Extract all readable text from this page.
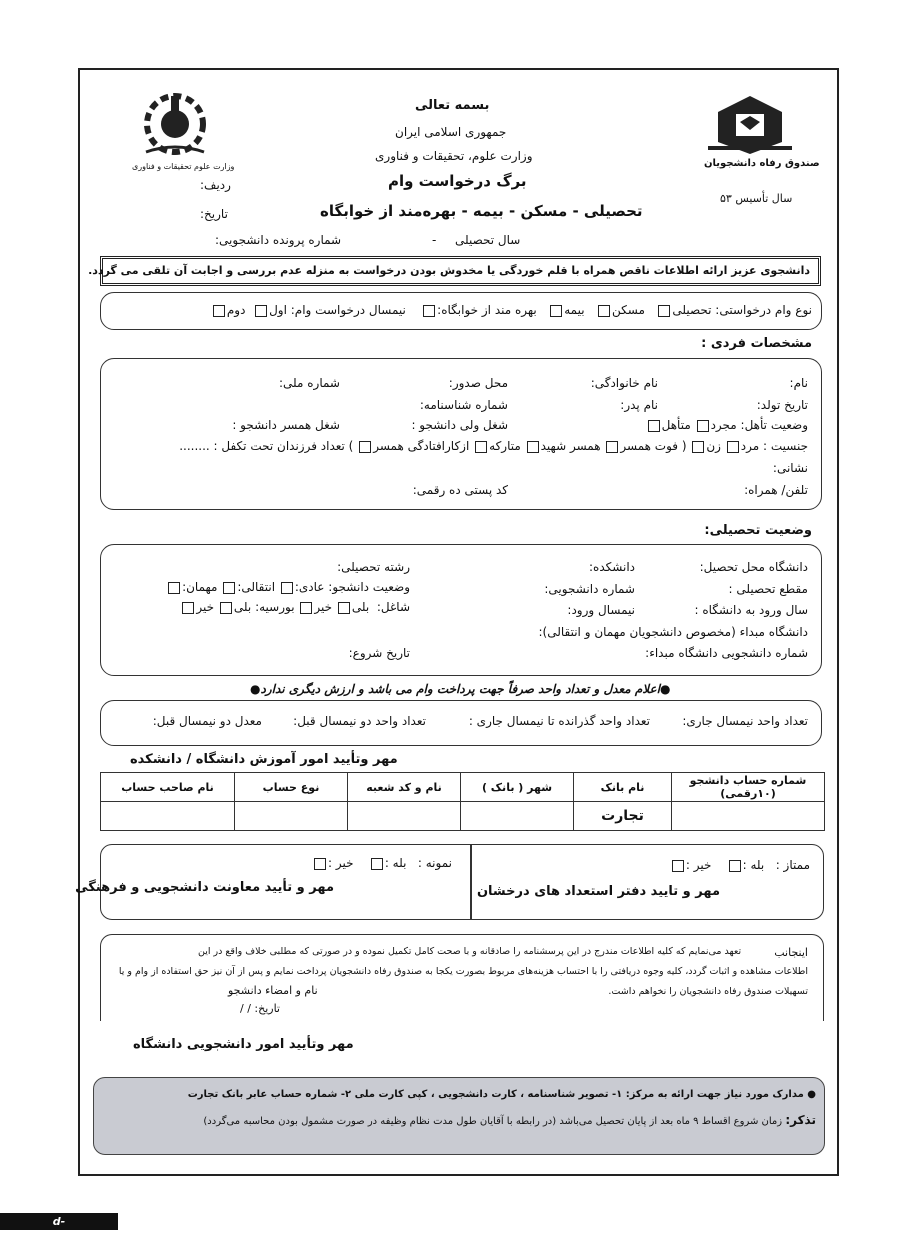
صندوق رفاه دانشجویان
سال تأسیس ۵۳
وزارت علوم تحقیقات و فناوری
بسمه تعالی
جمهوری اسلامی ایران
وزارت علوم، تحقیقات و فناوری
برگ درخواست وام
تحصیلی - مسکن - بیمه - بهره‌مند از خوابگاه
ردیف:
تاریخ:
سال تحصیلی
-
شماره پرونده دانشجویی:
دانشجوی عزیز ارائه اطلاعات ناقص همراه با قلم خوردگی یا مخدوش بودن درخواست به منزله عدم بررسی و اجابت آن تلقی می گردد.
نوع وام درخواستی: تحصیلی   مسکن   بیمه   بهره مند از خوابگاه:    نیمسال درخواست وام: اول  دوم
مشخصات فردی :
نام:
نام خانوادگی:
محل صدور:
شماره ملی:
تاریخ تولد:
نام پدر:
شماره شناسنامه:
وضعیت تأهل: مجرد متأهل
شغل ولی دانشجو :
شغل همسر دانشجو :
جنسیت : مرد زن ( فوت همسر همسر شهید متارکه ازکارافتادگی همسر ) تعداد فرزندان تحت تکفل : ........
نشانی:
تلفن/ همراه:
کد پستی ده رقمی:
وضعیت تحصیلی:
دانشگاه محل تحصیل:
دانشکده:
رشته تحصیلی:
مقطع تحصیلی :
شماره دانشجویی:
وضعیت دانشجو: عادی: انتقالی: مهمان:
سال ورود به دانشگاه :
نیمسال ورود:
شاغل:  بلی خیر بورسیه: بلی خیر
دانشگاه مبداء (مخصوص دانشجویان مهمان و انتقالی):
شماره دانشجویی دانشگاه مبداء:
تاریخ شروع:
●اعلام معدل و تعداد واحد صرفاً جهت پرداخت وام می باشد و ارزش دیگری ندارد●
تعداد واحد نیمسال جاری:
تعداد واحد گذرانده تا نیمسال جاری :
تعداد واحد دو نیمسال قبل:
معدل دو نیمسال قبل:
مهر وتأیید امور آموزش دانشگاه / دانشکده
شماره حساب دانشجو (۱۰رقمی)	نام بانک	شهر ( بانک )	نام و کد شعبه	نوع حساب	نام صاحب حساب
	تجارت				
ممتاز :   بله :    خیر :
مهر و تایید دفتر استعداد های درخشان
نمونه :   بله :    خیر :
مهر و تأیید معاونت دانشجویی و فرهنگی
اینجانب
تعهد می‌نمایم که کلیه اطلاعات مندرج در این پرسشنامه را صادقانه و با صحت کامل تکمیل نموده و در صورتی که مطلبی خلاف واقع در این
اطلاعات مشاهده و اثبات گردد، کلیه وجوه دریافتی را با احتساب هزینه‌های مربوط بصورت یکجا به صندوق رفاه دانشجویان پرداخت نمایم و پس از آن نیز حق استفاده از وام و یا
تسهیلات صندوق رفاه دانشجویان را نخواهم داشت.
نام و امضاء دانشجو
تاریخ: / /
مهر وتأیید امور دانشجویی دانشگاه
● مدارک مورد نیاز جهت ارائه به مرکز: ۱- تصویر شناسنامه ، کارت دانشجویی ، کپی کارت ملی ۲- شماره حساب عابر بانک تجارت
تذکر: زمان شروع اقساط ۹ ماه بعد از پایان تحصیل می‌باشد (در رابطه با آقایان طول مدت نظام وظیفه در صورت مشمول بودن محاسبه می‌گردد)
d-khansar.nus.ac.ir
